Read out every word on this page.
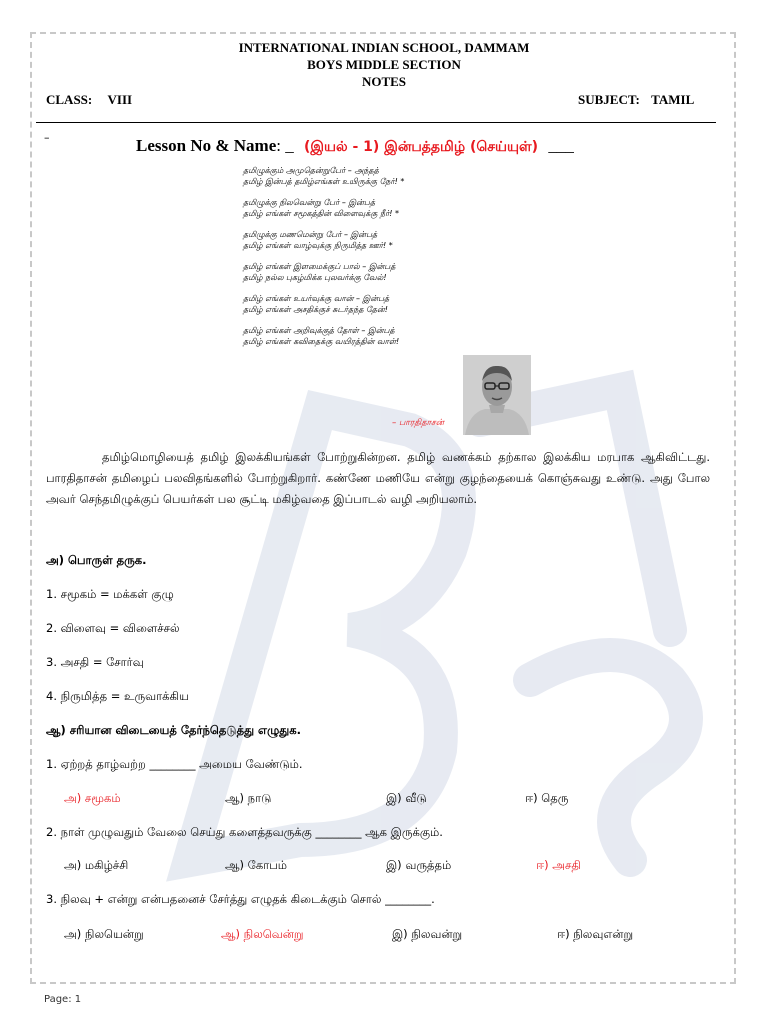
INTERNATIONAL INDIAN SCHOOL, DAMMAM
BOYS MIDDLE SECTION
NOTES
CLASS: VIII	SUBJECT: TAMIL
–	Lesson No & Name: _ (இயல் - 1) இன்பத்தமிழ் (செய்யுள்) ___
தமிழுக்கும் அமுதென்றுபேர் – அந்தத்
தமிழ் இன்பத் தமிழ்எங்கள் உயிருக்கு நேர்! *
தமிழுக்கு நிலவென்று பேர் – இன்பத்
தமிழ் எங்கள் சமூகத்தின் விளைவுக்கு நீர்! *
தமிழுக்கு மணமென்று பேர் – இன்பத்
தமிழ் எங்கள் வாழ்வுக்கு நிருமித்த ஊர்! *
தமிழ் எங்கள் இளமைக்குப் பால் – இன்பத்
தமிழ் நல்ல புகழ்மிக்க புலவர்க்கு வேல்!
தமிழ் எங்கள் உயர்வுக்கு வான் – இன்பத்
தமிழ் எங்கள் அசதிக்குச் சுடர்தந்த தேன்!
தமிழ் எங்கள் அறிவுக்குத் தோள் – இன்பத்
தமிழ் எங்கள் கவிதைக்கு வயிரத்தின் வாள்!
– பாரதிதாசன்
தமிழ்மொழியைத் தமிழ் இலக்கியங்கள் போற்றுகின்றன. தமிழ் வணக்கம் தற்கால இலக்கிய மரபாக ஆகிவிட்டது. பாரதிதாசன் தமிழைப் பலவிதங்களில் போற்றுகிறார். கண்ணே மணியே என்று குழந்தையைக் கொஞ்சுவது உண்டு. அது போல அவர் செந்தமிழுக்குப் பெயர்கள் பல சூட்டி மகிழ்வதை இப்பாடல் வழி அறியலாம்.
அ) பொருள் தருக.
1. சமூகம் = மக்கள் குழு
2. விளைவு = விளைச்சல்
3. அசதி = சோர்வு
4. நிருமித்த = உருவாக்கிய
ஆ) சரியான விடையைத் தேர்ந்தெடுத்து எழுதுக.
1. ஏற்றத் தாழ்வற்ற ________ அமைய வேண்டும்.
அ) சமூகம்	ஆ) நாடு	இ) வீடு	ஈ) தெரு
2. நாள் முழுவதும் வேலை செய்து களைத்தவருக்கு ________ ஆக இருக்கும்.
அ) மகிழ்ச்சி	ஆ) கோபம்	இ) வருத்தம்	ஈ) அசதி
3. நிலவு + என்று என்பதனைச் சேர்த்து எழுதக் கிடைக்கும் சொல் ________.
அ) நிலயென்று	ஆ) நிலவென்று	இ) நிலவன்று	ஈ) நிலவுஎன்று
Page: 1
